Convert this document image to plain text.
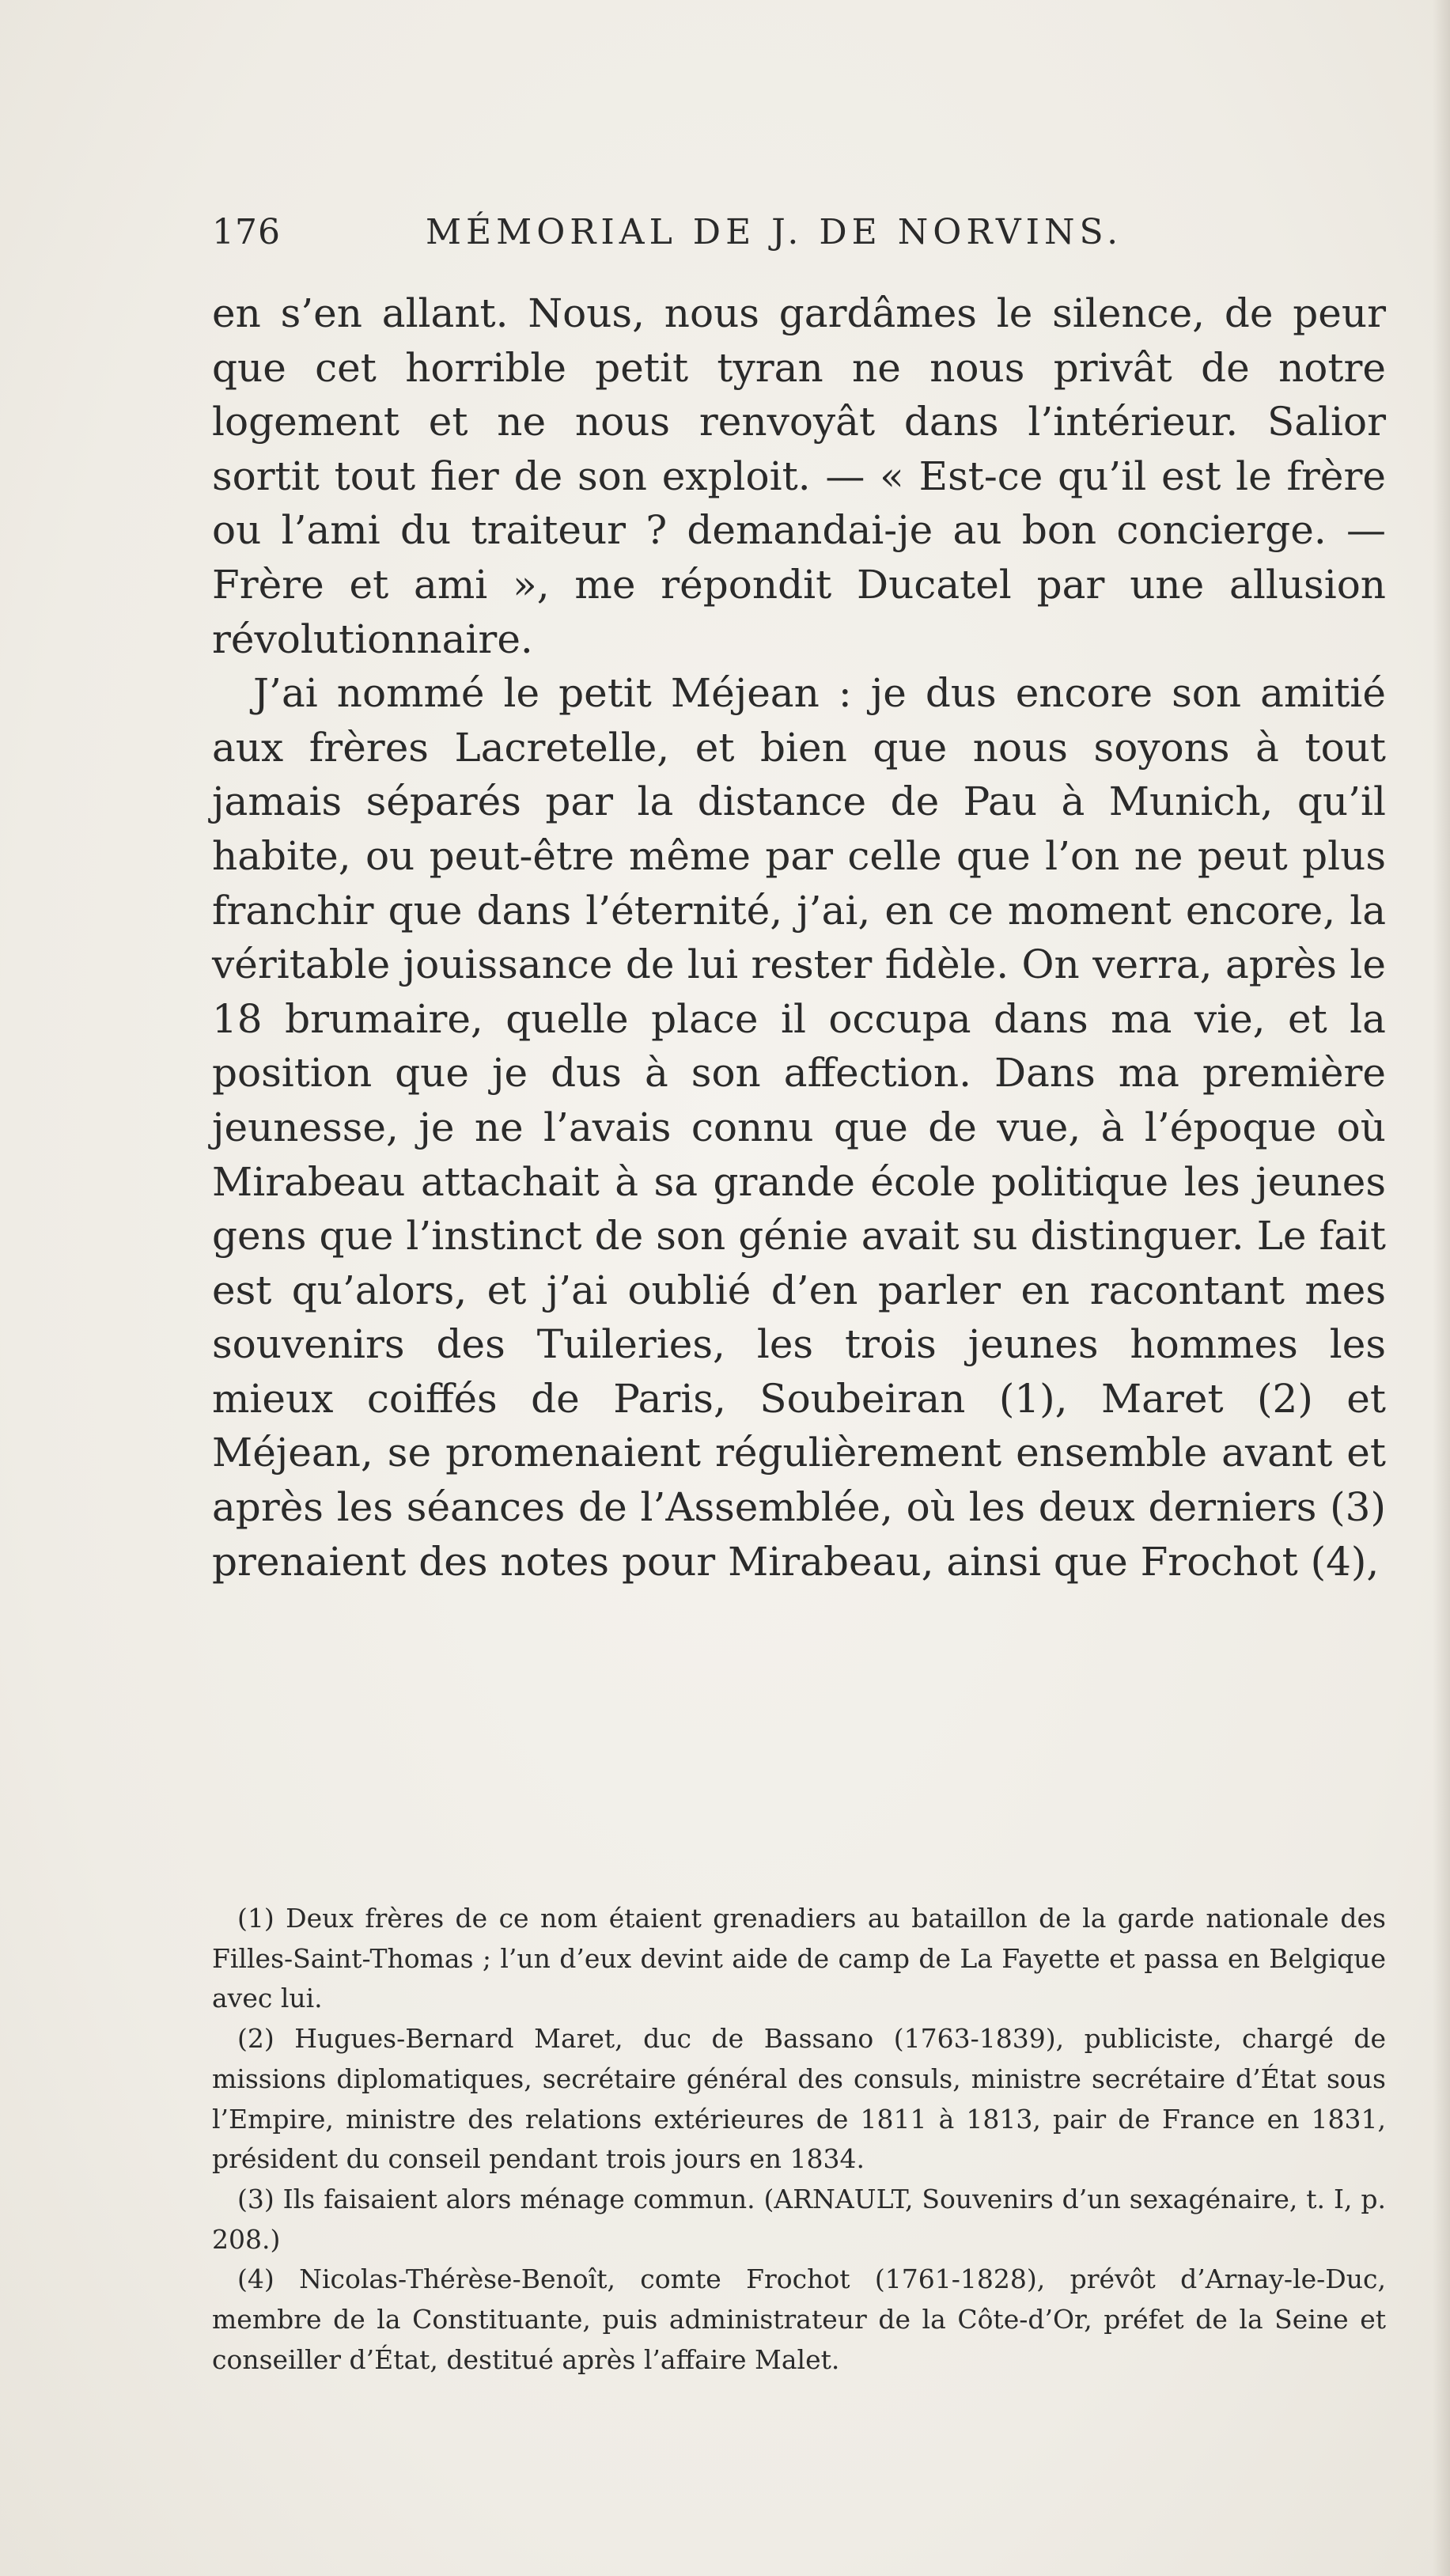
176	MÉMORIAL DE J. DE NORVINS.

en s’en allant. Nous, nous gardâmes le silence, de peur que cet horrible petit tyran ne nous privât de notre logement et ne nous renvoyât dans l’intérieur. Salior sortit tout fier de son exploit. — « Est-ce qu’il est le frère ou l’ami du traiteur ? demandai-je au bon concierge. — Frère et ami », me répondit Ducatel par une allusion révolutionnaire.

J’ai nommé le petit Méjean : je dus encore son amitié aux frères Lacretelle, et bien que nous soyons à tout jamais séparés par la distance de Pau à Munich, qu’il habite, ou peut-être même par celle que l’on ne peut plus franchir que dans l’éternité, j’ai, en ce moment encore, la véritable jouissance de lui rester fidèle. On verra, après le 18 brumaire, quelle place il occupa dans ma vie, et la position que je dus à son affection. Dans ma première jeunesse, je ne l’avais connu que de vue, à l’époque où Mirabeau attachait à sa grande école politique les jeunes gens que l’instinct de son génie avait su distinguer. Le fait est qu’alors, et j’ai oublié d’en parler en racontant mes souvenirs des Tuileries, les trois jeunes hommes les mieux coiffés de Paris, Soubeiran (1), Maret (2) et Méjean, se promenaient régulièrement ensemble avant et après les séances de l’Assemblée, où les deux derniers (3) prenaient des notes pour Mirabeau, ainsi que Frochot (4),

(1) Deux frères de ce nom étaient grenadiers au bataillon de la garde nationale des Filles-Saint-Thomas ; l’un d’eux devint aide de camp de La Fayette et passa en Belgique avec lui.

(2) Hugues-Bernard Maret, duc de Bassano (1763-1839), publiciste, chargé de missions diplomatiques, secrétaire général des consuls, ministre secrétaire d’État sous l’Empire, ministre des relations extérieures de 1811 à 1813, pair de France en 1831, président du conseil pendant trois jours en 1834.

(3) Ils faisaient alors ménage commun. (ARNAULT, Souvenirs d’un sexagénaire, t. I, p. 208.)

(4) Nicolas-Thérèse-Benoît, comte Frochot (1761-1828), prévôt d’Arnay-le-Duc, membre de la Constituante, puis administrateur de la Côte-d’Or, préfet de la Seine et conseiller d’État, destitué après l’affaire Malet.
